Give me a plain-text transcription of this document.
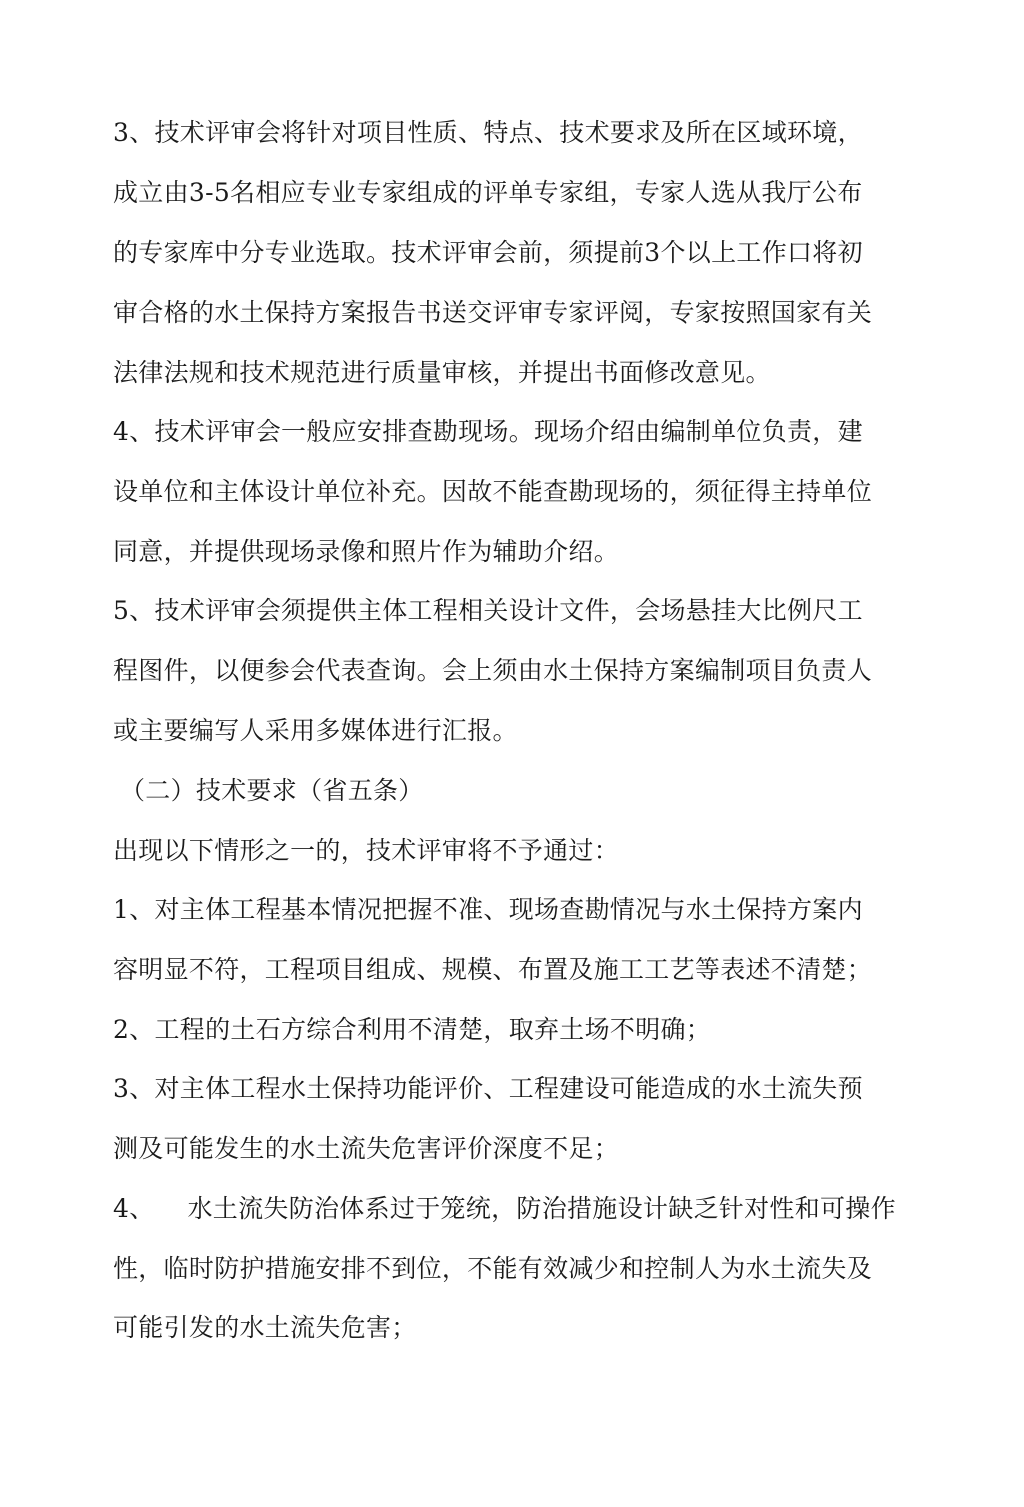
3、技术评审会将针对项目性质、特点、技术要求及所在区域环境，
成立由3-5名相应专业专家组成的评单专家组，专家人选从我厅公布
的专家库中分专业选取。技术评审会前，须提前3个以上工作口将初
审合格的水土保持方案报告书送交评审专家评阅，专家按照国家有关
法律法规和技术规范进行质量审核，并提出书面修改意见。
4、技术评审会一般应安排查勘现场。现场介绍由编制单位负责，建
设单位和主体设计单位补充。因故不能查勘现场的，须征得主持单位
同意，并提供现场录像和照片作为辅助介绍。
5、技术评审会须提供主体工程相关设计文件，会场悬挂大比例尺工
程图件，以便参会代表查询。会上须由水土保持方案编制项目负责人
或主要编写人采用多媒体进行汇报。
（二）技术要求（省五条）
出现以下情形之一的，技术评审将不予通过：
1、对主体工程基本情况把握不准、现场查勘情况与水土保持方案内
容明显不符，工程项目组成、规模、布置及施工工艺等表述不清楚；
2、工程的土石方综合利用不清楚，取弃土场不明确；
3、对主体工程水土保持功能评价、工程建设可能造成的水土流失预
测及可能发生的水土流失危害评价深度不足；
4、    水土流失防治体系过于笼统，防治措施设计缺乏针对性和可操作
性，临时防护措施安排不到位，不能有效减少和控制人为水土流失及
可能引发的水土流失危害；
